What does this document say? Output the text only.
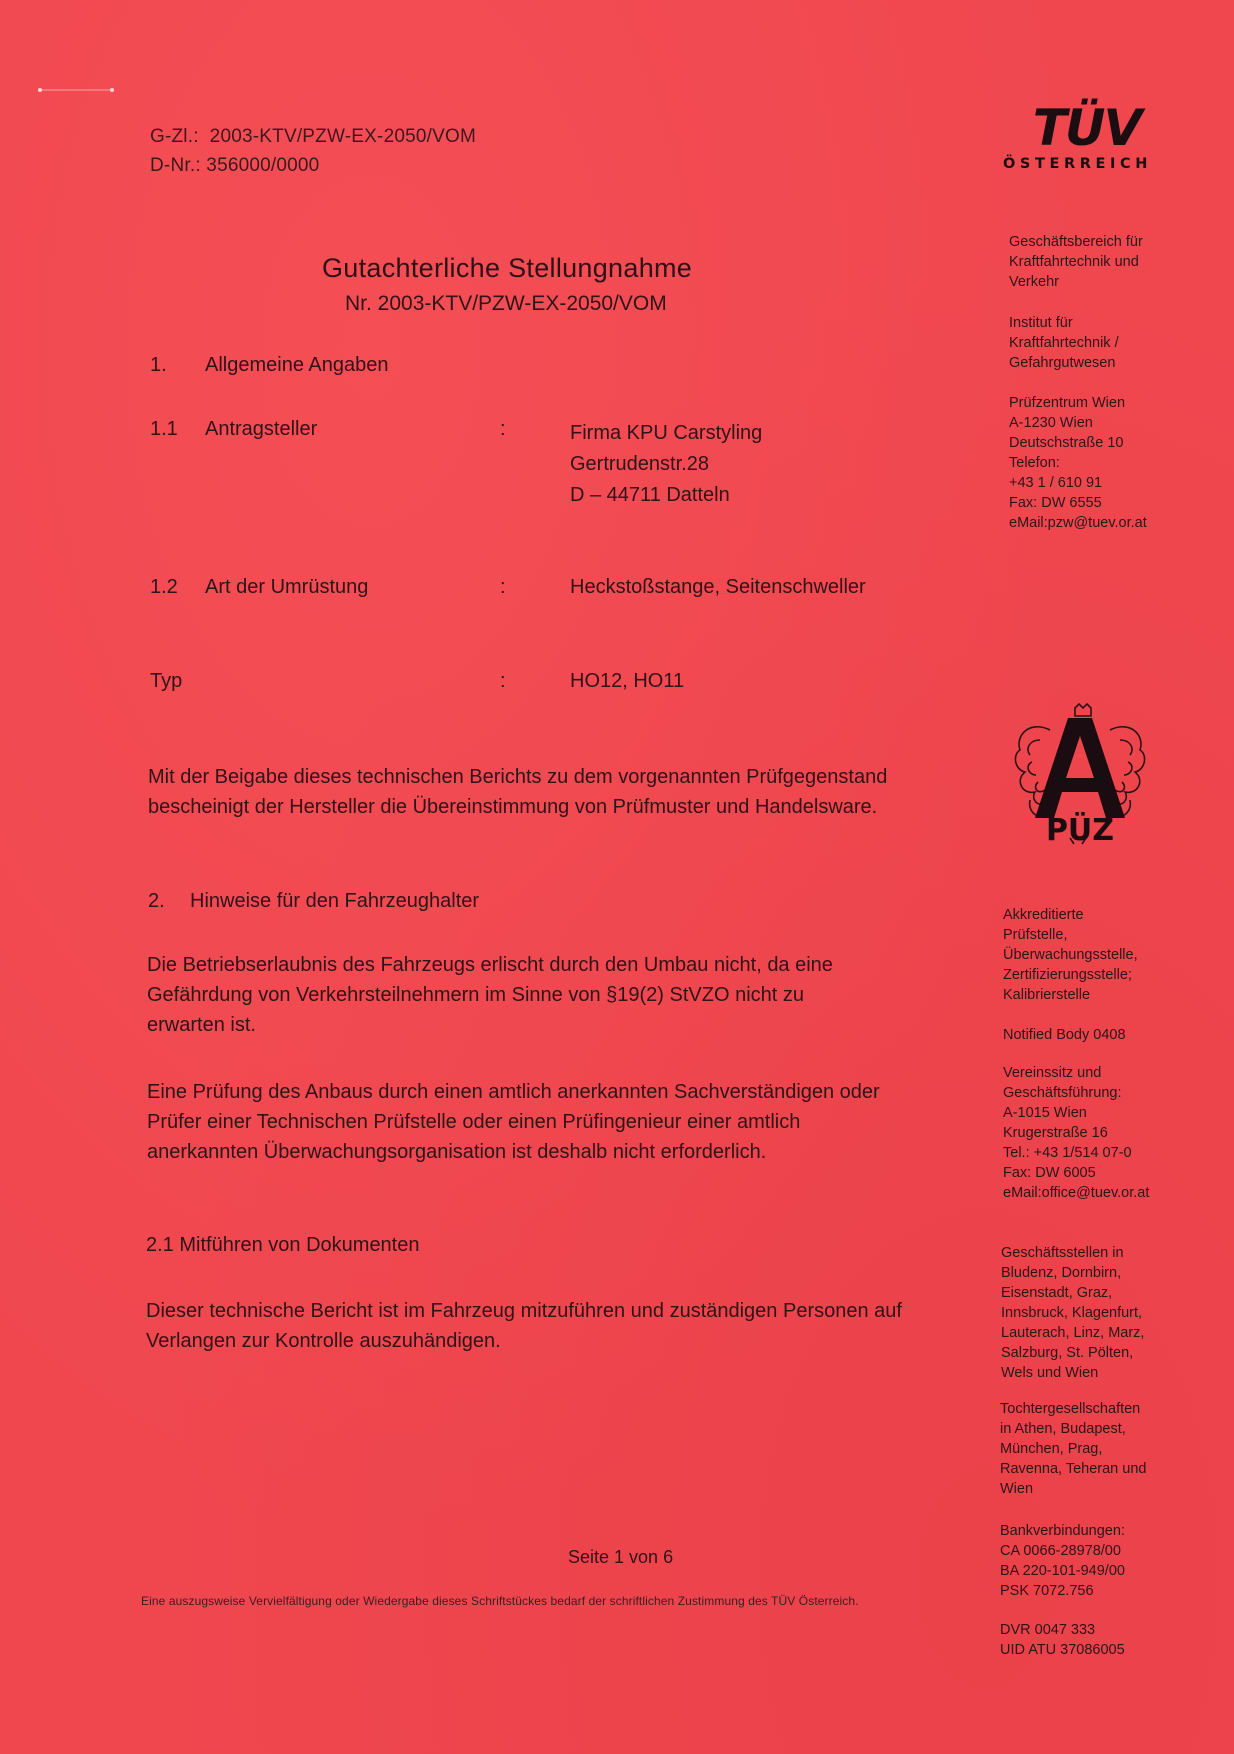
G-Zl.: 2003-KTV/PZW-EX-2050/VOM
D-Nr.: 356000/0000
TÜV
ÖSTERREICH
Gutachterliche Stellungnahme
Nr. 2003-KTV/PZW-EX-2050/VOM
1. Allgemeine Angaben
1.1 Antragsteller	:	Firma KPU Carstyling
Gertrudenstr.28
D – 44711 Datteln
1.2 Art der Umrüstung	:	Heckstoßstange, Seitenschweller
Typ	:	HO12, HO11
Mit der Beigabe dieses technischen Berichts zu dem vorgenannten Prüfgegenstand
bescheinigt der Hersteller die Übereinstimmung von Prüfmuster und Handelsware.
2. Hinweise für den Fahrzeughalter
Die Betriebserlaubnis des Fahrzeugs erlischt durch den Umbau nicht, da eine
Gefährdung von Verkehrsteilnehmern im Sinne von §19(2) StVZO nicht zu
erwarten ist.
Eine Prüfung des Anbaus durch einen amtlich anerkannten Sachverständigen oder
Prüfer einer Technischen Prüfstelle oder einen Prüfingenieur einer amtlich
anerkannten Überwachungsorganisation ist deshalb nicht erforderlich.
2.1 Mitführen von Dokumenten
Dieser technische Bericht ist im Fahrzeug mitzuführen und zuständigen Personen auf
Verlangen zur Kontrolle auszuhändigen.
Seite 1 von 6
Eine auszugsweise Vervielfältigung oder Wiedergabe dieses Schriftstückes bedarf der schriftlichen Zustimmung des TÜV Österreich.
PÜZ
Geschäftsbereich für
Kraftfahrtechnik und
Verkehr
Institut für
Kraftfahrtechnik /
Gefahrgutwesen
Prüfzentrum Wien
A-1230 Wien
Deutschstraße 10
Telefon:
+43 1 / 610 91
Fax: DW 6555
eMail:pzw@tuev.or.at
Akkreditierte
Prüfstelle,
Überwachungsstelle,
Zertifizierungsstelle;
Kalibrierstelle
Notified Body 0408
Vereinssitz und
Geschäftsführung:
A-1015 Wien
Krugerstraße 16
Tel.: +43 1/514 07-0
Fax: DW 6005
eMail:office@tuev.or.at
Geschäftsstellen in
Bludenz, Dornbirn,
Eisenstadt, Graz,
Innsbruck, Klagenfurt,
Lauterach, Linz, Marz,
Salzburg, St. Pölten,
Wels und Wien
Tochtergesellschaften
in Athen, Budapest,
München, Prag,
Ravenna, Teheran und
Wien
Bankverbindungen:
CA 0066-28978/00
BA 220-101-949/00
PSK 7072.756
DVR 0047 333
UID ATU 37086005
